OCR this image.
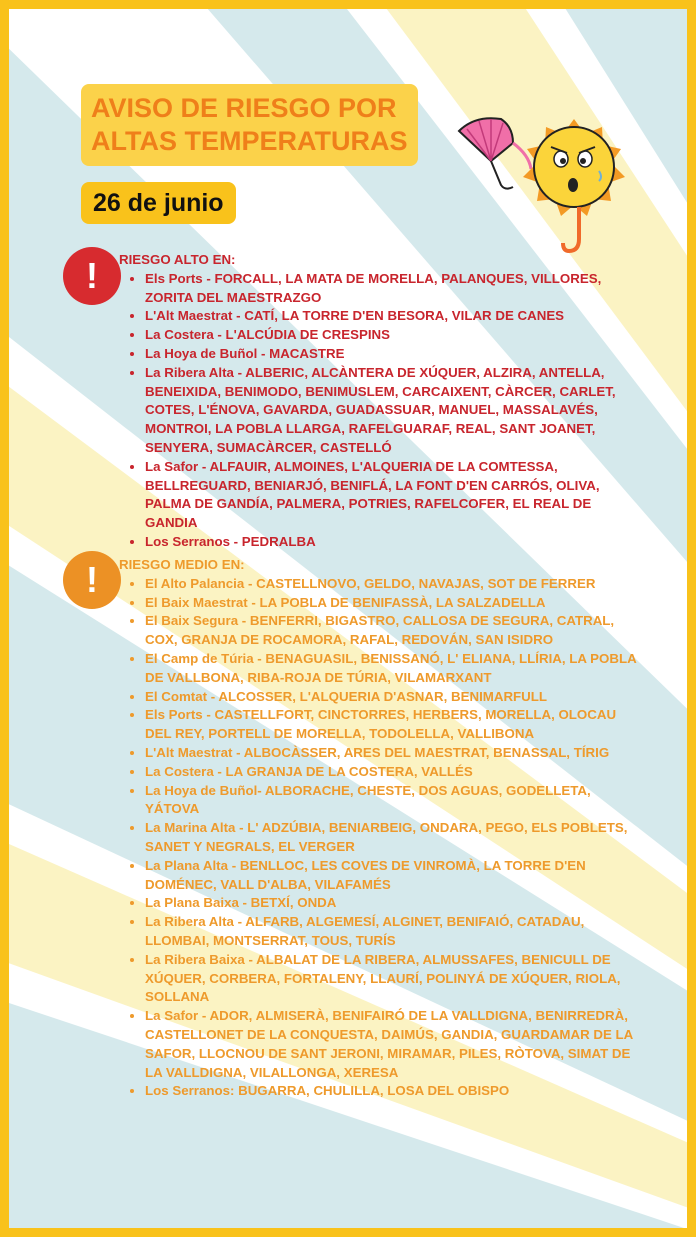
AVISO DE RIESGO POR
ALTAS TEMPERATURAS
26 de junio
!	RIESGO ALTO EN:
• Els Ports - FORCALL, LA MATA DE MORELLA, PALANQUES, VILLORES, ZORITA DEL MAESTRAZGO
• L'Alt Maestrat - CATÍ, LA TORRE D'EN BESORA, VILAR DE CANES
• La Costera - L'ALCÚDIA DE CRESPINS
• La Hoya de Buñol - MACASTRE
• La Ribera Alta - ALBERIC, ALCÀNTERA DE XÚQUER, ALZIRA, ANTELLA, BENEIXIDA, BENIMODO, BENIMUSLEM, CARCAIXENT, CÀRCER, CARLET, COTES, L'ÉNOVA, GAVARDA, GUADASSUAR, MANUEL, MASSALAVÉS, MONTROI, LA POBLA LLARGA, RAFELGUARAF, REAL, SANT JOANET, SENYERA, SUMACÀRCER, CASTELLÓ
• La Safor - ALFAUIR, ALMOINES, L'ALQUERIA DE LA COMTESSA, BELLREGUARD, BENIARJÓ, BENIFLÁ, LA FONT D'EN CARRÓS, OLIVA, PALMA DE GANDÍA, PALMERA, POTRIES, RAFELCOFER, EL REAL DE GANDIA
• Los Serranos - PEDRALBA
!	RIESGO MEDIO EN:
• El Alto Palancia - CASTELLNOVO, GELDO, NAVAJAS, SOT DE FERRER
• El Baix Maestrat - LA POBLA DE BENIFASSÀ, LA SALZADELLA
• El Baix Segura - BENFERRI, BIGASTRO, CALLOSA DE SEGURA, CATRAL, COX, GRANJA DE ROCAMORA, RAFAL, REDOVÁN, SAN ISIDRO
• El Camp de Túria - BENAGUASIL, BENISSANÓ, L' ELIANA, LLÍRIA, LA POBLA DE VALLBONA, RIBA-ROJA DE TÚRIA, VILAMARXANT
• El Comtat - ALCOSSER, L'ALQUERIA D'ASNAR, BENIMARFULL
• Els Ports - CASTELLFORT, CINCTORRES, HERBERS, MORELLA, OLOCAU DEL REY, PORTELL DE MORELLA, TODOLELLA, VALLIBONA
• L'Alt Maestrat - ALBOCÀSSER, ARES DEL MAESTRAT, BENASSAL, TÍRIG
• La Costera - LA GRANJA DE LA COSTERA, VALLÉS
• La Hoya de Buñol- ALBORACHE, CHESTE, DOS AGUAS, GODELLETA, YÁTOVA
• La Marina Alta - L' ADZÚBIA, BENIARBEIG, ONDARA, PEGO, ELS POBLETS, SANET Y NEGRALS, EL VERGER
• La Plana Alta - BENLLOC, LES COVES DE VINROMÀ, LA TORRE D'EN DOMÉNEC, VALL D'ALBA, VILAFAMÉS
• La Plana Baixa - BETXÍ, ONDA
• La Ribera Alta - ALFARB, ALGEMESÍ, ALGINET, BENIFAIÓ, CATADAU, LLOMBAI, MONTSERRAT, TOUS, TURÍS
• La Ribera Baixa - ALBALAT DE LA RIBERA, ALMUSSAFES, BENICULL DE XÚQUER, CORBERA, FORTALENY, LLAURÍ, POLINYÁ DE XÚQUER, RIOLA, SOLLANA
• La Safor - ADOR, ALMISERÀ, BENIFAIRÓ DE LA VALLDIGNA, BENIRREDRÀ, CASTELLONET DE LA CONQUESTA, DAIMÚS, GANDIA, GUARDAMAR DE LA SAFOR, LLOCNOU DE SANT JERONI, MIRAMAR, PILES, RÒTOVA, SIMAT DE LA VALLDIGNA, VILALLONGA, XERESA
• Los Serranos: BUGARRA, CHULILLA, LOSA DEL OBISPO
